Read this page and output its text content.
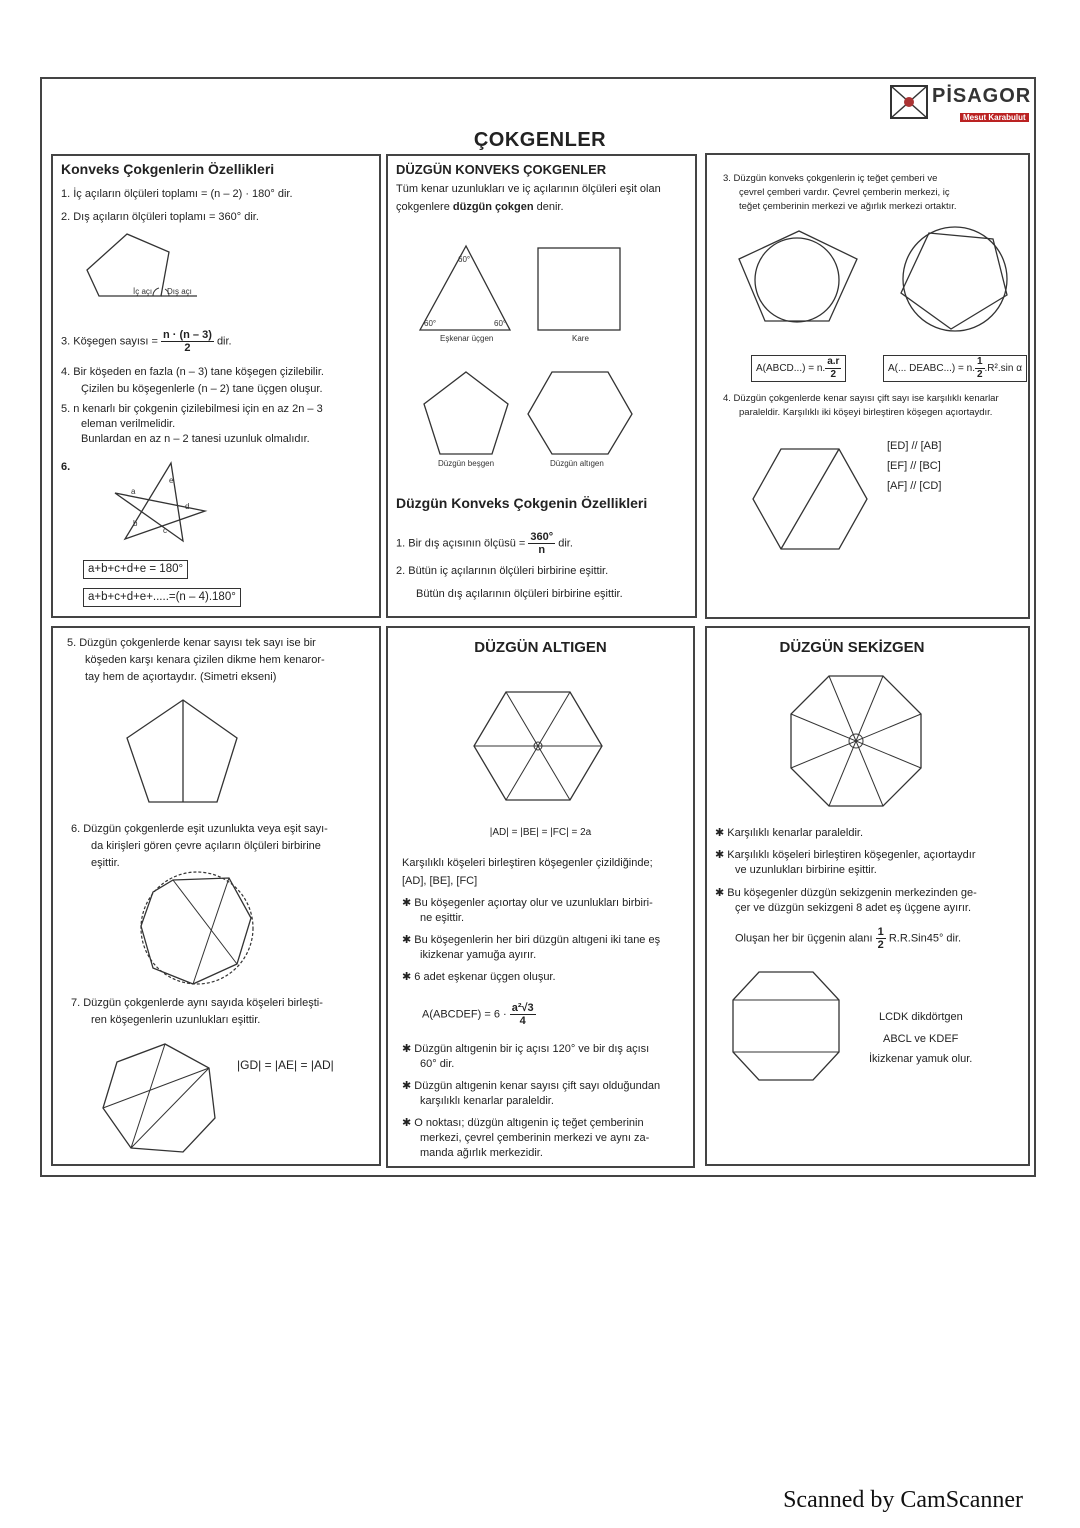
PİSAGOR
Mesut Karabulut
ÇOKGENLER
Konveks Çokgenlerin Özellikleri
1. İç açıların ölçüleri toplamı = (n – 2) · 180° dir.
2. Dış açıların ölçüleri toplamı = 360° dir.
İç açı Dış açı
3. Köşegen sayısı = $\frac{n \cdot (n - 3)}{2}$ dir.
4. Bir köşeden en fazla (n – 3) tane köşegen çizilebilir.
Çizilen bu köşegenlerle (n – 2) tane üçgen oluşur.
5. n kenarlı bir çokgenin çizilebilmesi için en az 2n – 3
eleman verilmelidir.
Bunlardan en az n – 2 tanesi uzunluk olmalıdır.
6.
a
b
c
d
e
a+b+c+d+e = 180°
a+b+c+d+e+.....=(n – 4).180°
DÜZGÜN KONVEKS ÇOKGENLER
Tüm kenar uzunlukları ve iç açılarının ölçüleri eşit olan
çokgenlere düzgün çokgen denir.
60°
60°	60°
Eşkenar üçgen	Kare
Düzgün beşgen	Düzgün altıgen
Düzgün Konveks Çokgenin Özellikleri
1. Bir dış açısının ölçüsü = $\frac{360^\circ}{n}$ dir.
2. Bütün iç açılarının ölçüleri birbirine eşittir.
Bütün dış açılarının ölçüleri birbirine eşittir.
3. Düzgün konveks çokgenlerin iç teğet çemberi ve
çevrel çemberi vardır. Çevrel çemberin merkezi, iç
teğet çemberinin merkezi ve ağırlık merkezi ortaktır.
A(ABCD...) = n. $\frac{a.r}{2}$	A(... DEABC...) = n. $\frac{1}{2} .R^2.\sin$ α
4. Düzgün çokgenlerde kenar sayısı çift sayı ise karşılıklı kenarlar
paraleldir. Karşılıklı iki köşeyi birleştiren köşegen açıortaydır.
[ED] // [AB]
[EF] // [BC]
[AF] // [CD]
5. Düzgün çokgenlerde kenar sayısı tek sayı ise bir
köşeden karşı kenara çizilen dikme hem kenaror-
tay hem de açıortaydır. (Simetri ekseni)
6. Düzgün çokgenlerde eşit uzunlukta veya eşit sayı-
da kirişleri gören çevre açıların ölçüleri birbirine
eşittir.
7. Düzgün çokgenlerde aynı sayıda köşeleri birleşti-
ren köşegenlerin uzunlukları eşittir.
|GD| = |AE| = |AD|
DÜZGÜN ALTIGEN
|AD| = |BE| = |FC| = 2a
Karşılıklı köşeleri birleştiren köşegenler çizildiğinde;
[AD], [BE], [FC]
✱ Bu köşegenler açıortay olur ve uzunlukları birbiri-
ne eşittir.
✱ Bu köşegenlerin her biri düzgün altıgeni iki tane eş
ikizkenar yamuğa ayırır.
✱ 6 adet eşkenar üçgen oluşur.
A(ABCDEF) = $6 \cdot \frac{\text{a²√3}}{4}$
✱ Düzgün altıgenin bir iç açısı 120° ve bir dış açısı
60° dir.
✱ Düzgün altıgenin kenar sayısı çift sayı olduğundan
karşılıklı kenarlar paraleldir.
✱ O noktası; düzgün altıgenin iç teğet çemberinin
merkezi, çevrel çemberinin merkezi ve aynı za-
manda ağırlık merkezidir.
DÜZGÜN SEKİZGEN
✱ Karşılıklı kenarlar paraleldir.
✱ Karşılıklı köşeleri birleştiren köşegenler, açıortaydır
ve uzunlukları birbirine eşittir.
✱ Bu köşegenler düzgün sekizgenin merkezinden ge-
çer ve düzgün sekizgeni 8 adet eş üçgene ayırır.
Oluşan her bir üçgenin alanı $\frac{1}{2} R.R.Sin45^\circ$ dir.
LCDK dikdörtgen
ABCL ve KDEF
İkizkenar yamuk olur.
Scanned by CamScanner
